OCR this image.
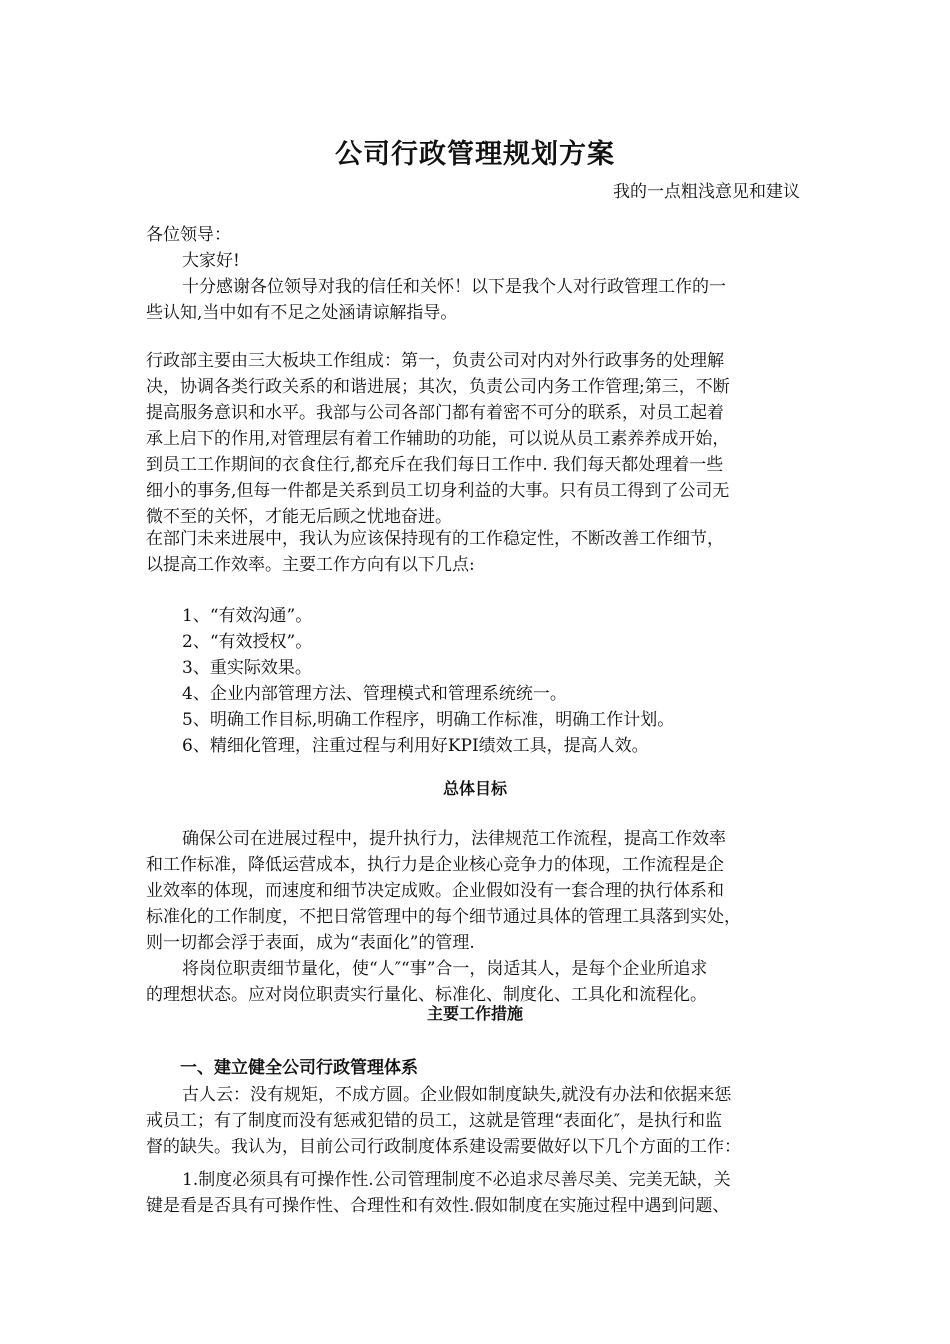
公司行政管理规划方案
我的一点粗浅意见和建议
各位领导：
大家好!
十分感谢各位领导对我的信任和关怀！以下是我个人对行政管理工作的一
些认知,当中如有不足之处涵请谅解指导。
行政部主要由三大板块工作组成：第一，负责公司对内对外行政事务的处理解
决，协调各类行政关系的和谐进展；其次，负责公司内务工作管理;第三，不断
提高服务意识和水平。我部与公司各部门都有着密不可分的联系，对员工起着
承上启下的作用,对管理层有着工作辅助的功能，可以说从员工素养养成开始，
到员工工作期间的衣食住行,都充斥在我们每日工作中. 我们每天都处理着一些
细小的事务,但每一件都是关系到员工切身利益的大事。只有员工得到了公司无
微不至的关怀，才能无后顾之忧地奋进。
在部门未来进展中，我认为应该保持现有的工作稳定性，不断改善工作细节，
以提高工作效率。主要工作方向有以下几点:
1、“有效沟通”。
2、“有效授权”。
3、重实际效果。
4、企业内部管理方法、管理模式和管理系统统一。
5、明确工作目标,明确工作程序，明确工作标准，明确工作计划。
6、精细化管理，注重过程与利用好KPI绩效工具，提高人效。
总体目标
确保公司在进展过程中，提升执行力，法律规范工作流程，提高工作效率
和工作标准，降低运营成本，执行力是企业核心竞争力的体现，工作流程是企
业效率的体现，而速度和细节决定成败。企业假如没有一套合理的执行体系和
标准化的工作制度，不把日常管理中的每个细节通过具体的管理工具落到实处，
则一切都会浮于表面，成为“表面化”的管理.
将岗位职责细节量化，使“人″“事”合一，岗适其人，是每个企业所追求
的理想状态。应对岗位职责实行量化、标准化、制度化、工具化和流程化。
主要工作措施
一、建立健全公司行政管理体系
古人云：没有规矩，不成方圆。企业假如制度缺失,就没有办法和依据来惩
戒员工；有了制度而没有惩戒犯错的员工，这就是管理“表面化″，是执行和监
督的缺失。我认为，目前公司行政制度体系建设需要做好以下几个方面的工作：
1.制度必须具有可操作性.公司管理制度不必追求尽善尽美、完美无缺，关
键是看是否具有可操作性、合理性和有效性.假如制度在实施过程中遇到问题、
